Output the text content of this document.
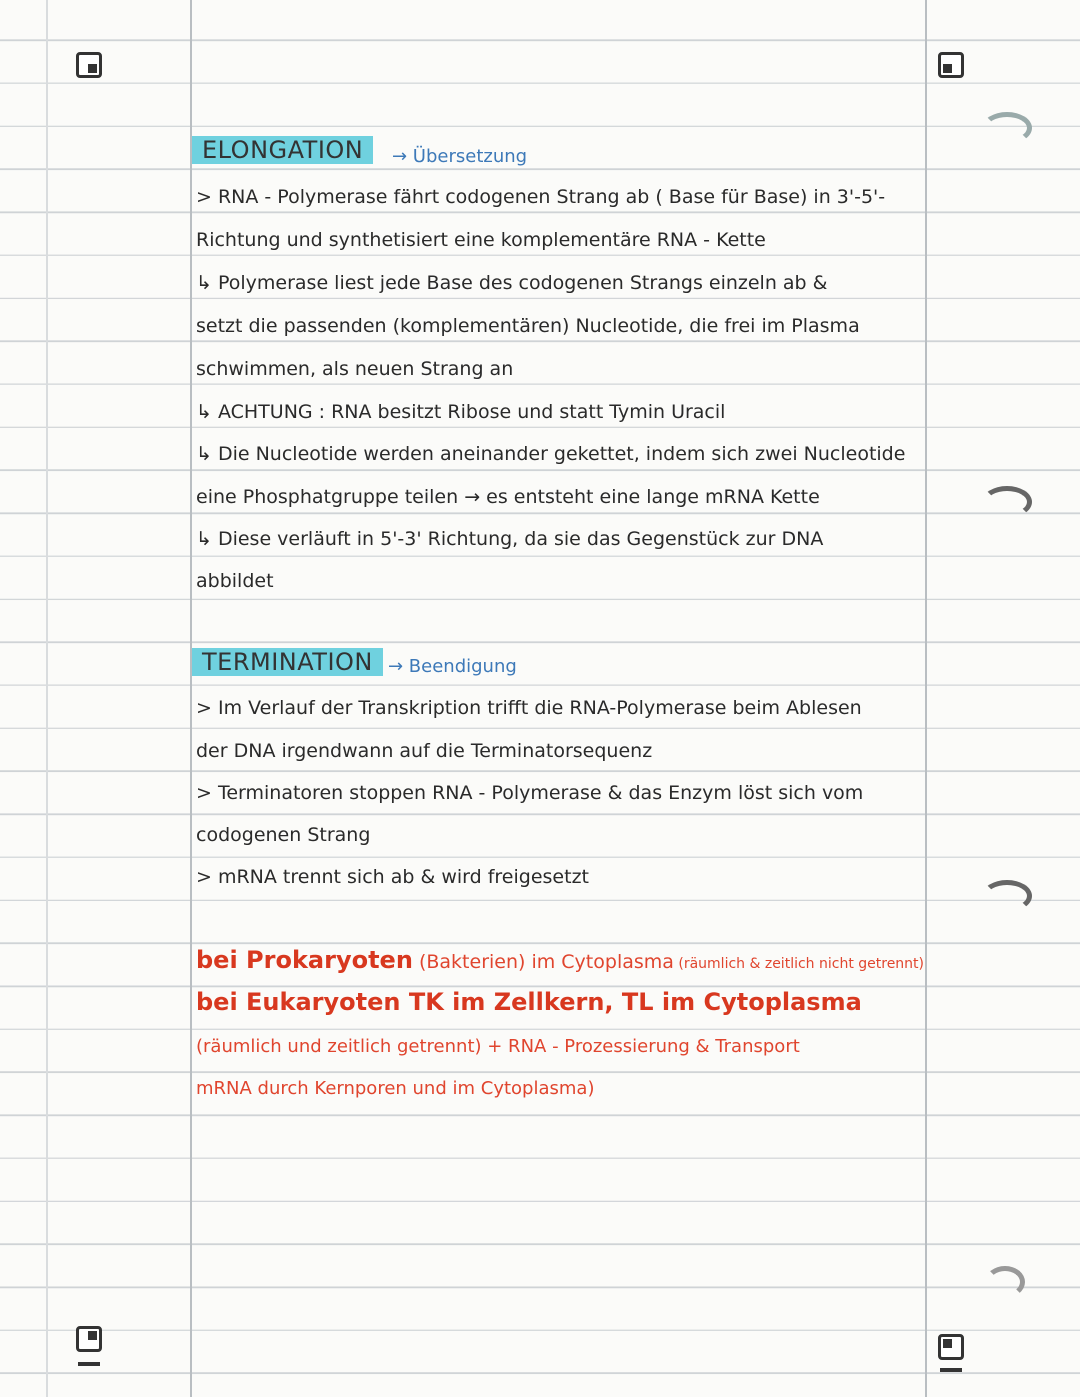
ELONGATION	→ Übersetzung
> RNA - Polymerase fährt codogenen Strang ab ( Base für Base) in 3'-5'-
Richtung und synthetisiert eine komplementäre RNA - Kette
↳ Polymerase liest jede Base des codogenen Strangs einzeln ab &
setzt die passenden (komplementären) Nucleotide, die frei im Plasma
schwimmen, als neuen Strang an
↳ ACHTUNG : RNA besitzt Ribose und statt Tymin Uracil
↳ Die Nucleotide werden aneinander gekettet, indem sich zwei Nucleotide
eine Phosphatgruppe teilen → es entsteht eine lange mRNA Kette
↳ Diese verläuft in 5'-3' Richtung, da sie das Gegenstück zur DNA
abbildet
TERMINATION → Beendigung
> Im Verlauf der Transkription trifft die RNA-Polymerase beim Ablesen
der DNA irgendwann auf die Terminatorsequenz
> Terminatoren stoppen RNA - Polymerase & das Enzym löst sich vom
codogenen Strang
> mRNA trennt sich ab & wird freigesetzt
bei Prokaryoten (Bakterien) im Cytoplasma (räumlich & zeitlich nicht getrennt)
bei Eukaryoten TK im Zellkern, TL im Cytoplasma
(räumlich und zeitlich getrennt) + RNA - Prozessierung & Transport
mRNA durch Kernporen und im Cytoplasma)
